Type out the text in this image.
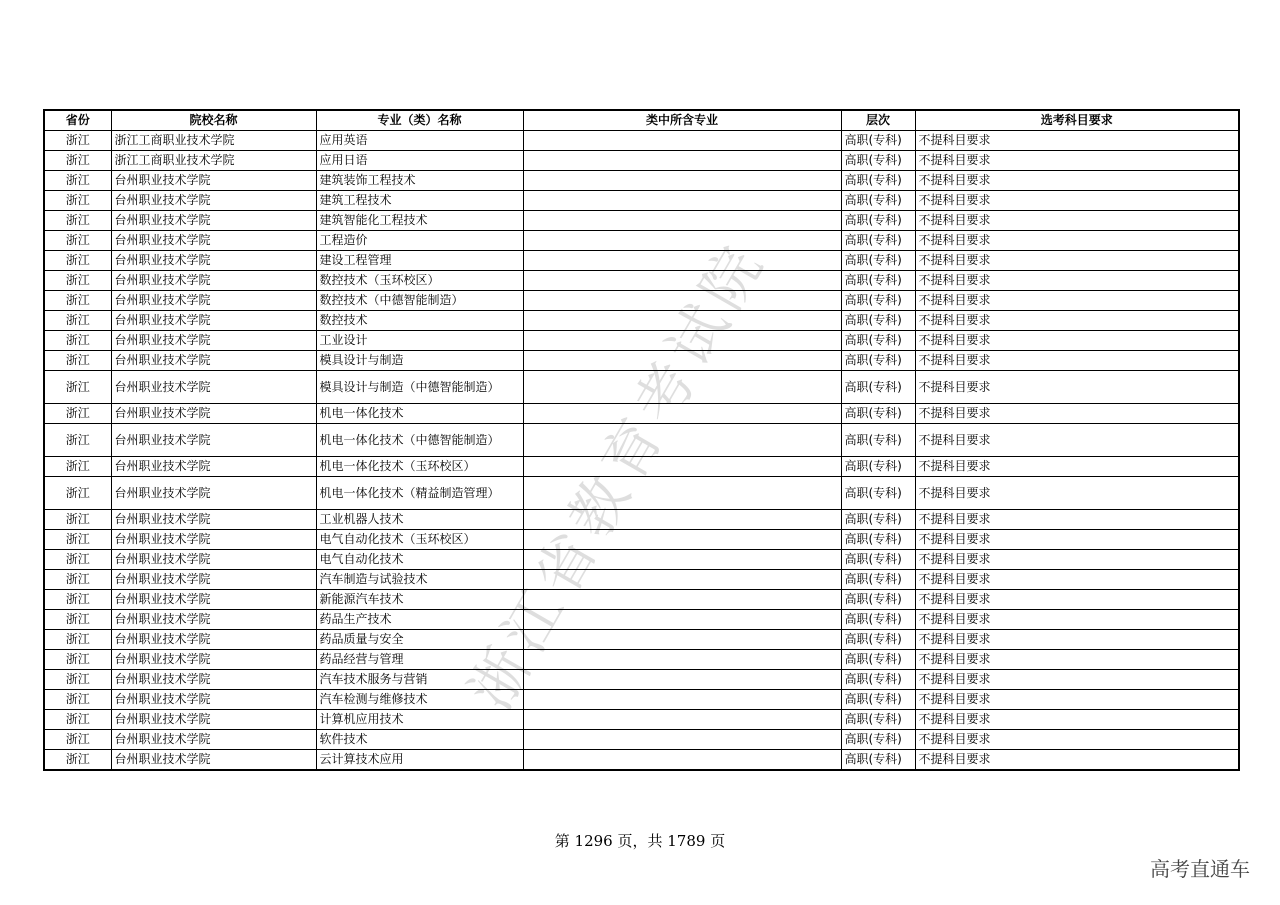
省份	院校名称	专业（类）名称	类中所含专业	层次	选考科目要求
浙江	浙江工商职业技术学院	应用英语		高职(专科)	不提科目要求
浙江	浙江工商职业技术学院	应用日语		高职(专科)	不提科目要求
浙江	台州职业技术学院	建筑装饰工程技术		高职(专科)	不提科目要求
浙江	台州职业技术学院	建筑工程技术		高职(专科)	不提科目要求
浙江	台州职业技术学院	建筑智能化工程技术		高职(专科)	不提科目要求
浙江	台州职业技术学院	工程造价		高职(专科)	不提科目要求
浙江	台州职业技术学院	建设工程管理		高职(专科)	不提科目要求
浙江	台州职业技术学院	数控技术（玉环校区）		高职(专科)	不提科目要求
浙江	台州职业技术学院	数控技术（中德智能制造）		高职(专科)	不提科目要求
浙江	台州职业技术学院	数控技术		高职(专科)	不提科目要求
浙江	台州职业技术学院	工业设计		高职(专科)	不提科目要求
浙江	台州职业技术学院	模具设计与制造		高职(专科)	不提科目要求
浙江	台州职业技术学院	模具设计与制造（中德智能制造）		高职(专科)	不提科目要求
浙江	台州职业技术学院	机电一体化技术		高职(专科)	不提科目要求
浙江	台州职业技术学院	机电一体化技术（中德智能制造）		高职(专科)	不提科目要求
浙江	台州职业技术学院	机电一体化技术（玉环校区）		高职(专科)	不提科目要求
浙江	台州职业技术学院	机电一体化技术（精益制造管理）		高职(专科)	不提科目要求
浙江	台州职业技术学院	工业机器人技术		高职(专科)	不提科目要求
浙江	台州职业技术学院	电气自动化技术（玉环校区）		高职(专科)	不提科目要求
浙江	台州职业技术学院	电气自动化技术		高职(专科)	不提科目要求
浙江	台州职业技术学院	汽车制造与试验技术		高职(专科)	不提科目要求
浙江	台州职业技术学院	新能源汽车技术		高职(专科)	不提科目要求
浙江	台州职业技术学院	药品生产技术		高职(专科)	不提科目要求
浙江	台州职业技术学院	药品质量与安全		高职(专科)	不提科目要求
浙江	台州职业技术学院	药品经营与管理		高职(专科)	不提科目要求
浙江	台州职业技术学院	汽车技术服务与营销		高职(专科)	不提科目要求
浙江	台州职业技术学院	汽车检测与维修技术		高职(专科)	不提科目要求
浙江	台州职业技术学院	计算机应用技术		高职(专科)	不提科目要求
浙江	台州职业技术学院	软件技术		高职(专科)	不提科目要求
浙江	台州职业技术学院	云计算技术应用		高职(专科)	不提科目要求
浙江省教育考试院
第 1296 页，共 1789 页
高考直通车
